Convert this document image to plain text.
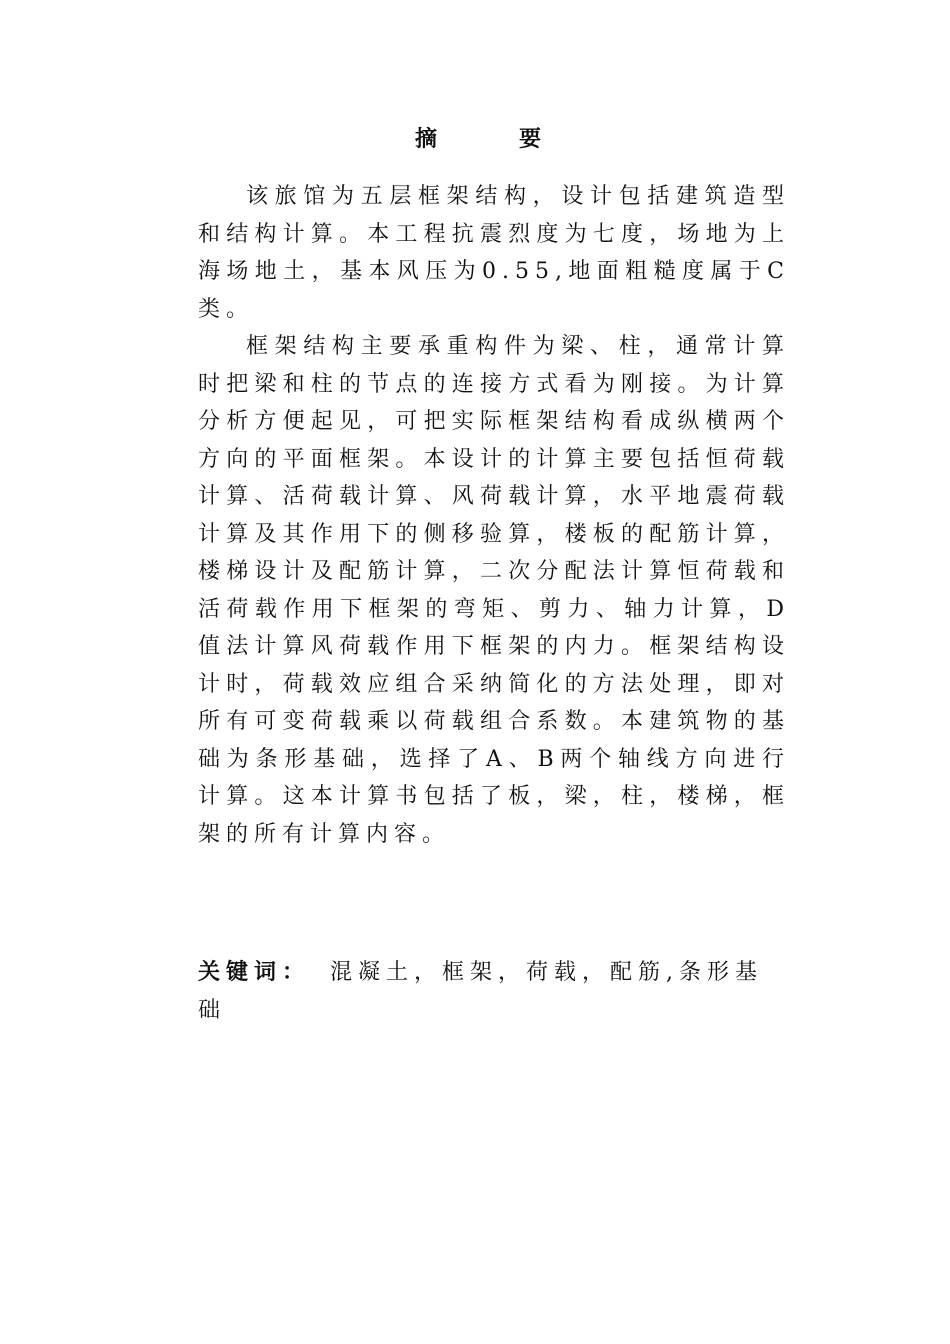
摘　要

该旅馆为五层框架结构，设计包括建筑造型和结构计算。本工程抗震烈度为七度，场地为上海场地土，基本风压为0.55,地面粗糙度属于C类。

框架结构主要承重构件为梁、柱，通常计算时把梁和柱的节点的连接方式看为刚接。为计算分析方便起见，可把实际框架结构看成纵横两个方向的平面框架。本设计的计算主要包括恒荷载计算、活荷载计算、风荷载计算，水平地震荷载计算及其作用下的侧移验算，楼板的配筋计算，楼梯设计及配筋计算，二次分配法计算恒荷载和活荷载作用下框架的弯矩、剪力、轴力计算，D值法计算风荷载作用下框架的内力。框架结构设计时，荷载效应组合采纳简化的方法处理，即对所有可变荷载乘以荷载组合系数。本建筑物的基础为条形基础，选择了A、B两个轴线方向进行计算。这本计算书包括了板，梁，柱，楼梯，框架的所有计算内容。

关键词： 混凝土，框架，荷载，配筋,条形基础
